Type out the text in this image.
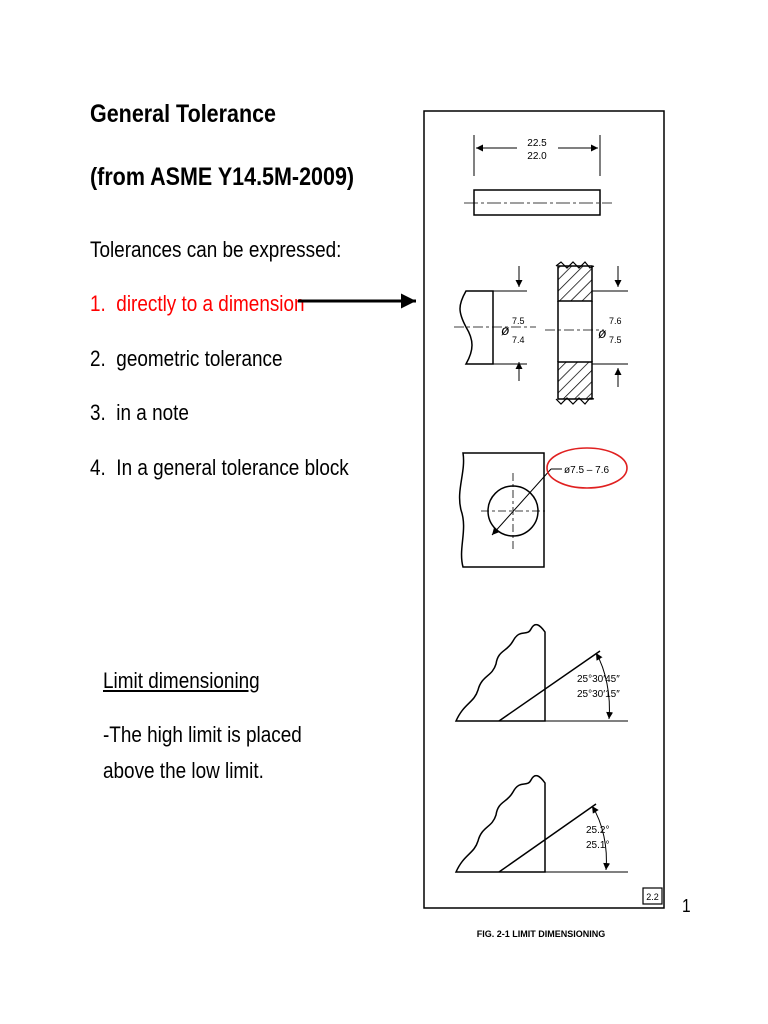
General Tolerance
(from ASME Y14.5M-2009)
Tolerances can be expressed:
1. directly to a dimension
2. geometric tolerance
3. in a note
4. In a general tolerance block
Limit dimensioning
-The high limit is placed
above the low limit.
1
22.5
22.0
ø
7.5
7.4	ø
7.6
7.5
ø7.5 – 7.6
25°30′45″
25°30′15″
25.2°
25.1°
2.2
FIG. 2-1 LIMIT DIMENSIONING
